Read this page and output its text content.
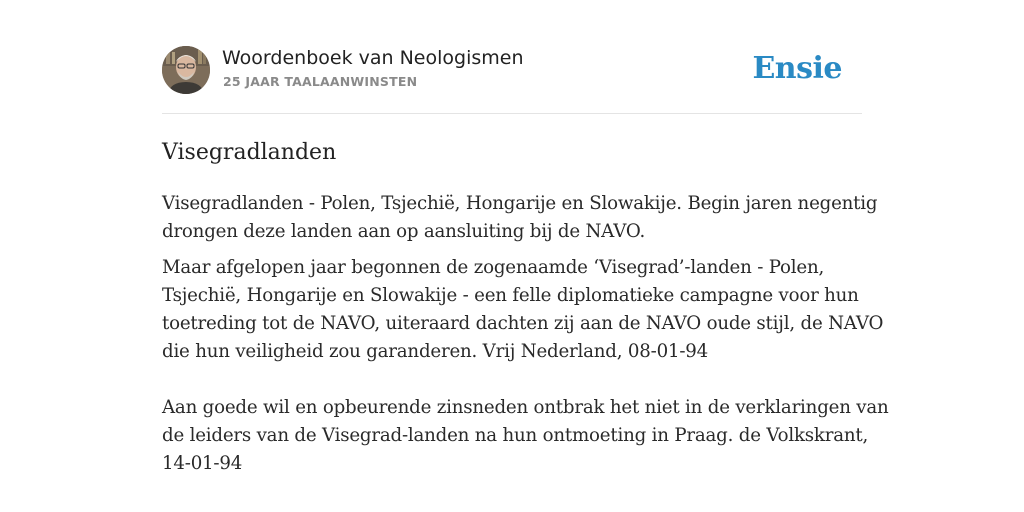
Woordenboek van Neologismen
25 JAAR TAALAANWINSTEN	Ensie
Visegradlanden

Visegradlanden - Polen, Tsjechië, Hongarije en Slowakije. Begin jaren negentig

drongen deze landen aan op aansluiting bij de NAVO.

Maar afgelopen jaar begonnen de zogenaamde ‘Visegrad’-landen - Polen,

Tsjechië, Hongarije en Slowakije - een felle diplomatieke campagne voor hun

toetreding tot de NAVO, uiteraard dachten zij aan de NAVO oude stijl, de NAVO

die hun veiligheid zou garanderen. Vrij Nederland, 08-01-94

Aan goede wil en opbeurende zinsneden ontbrak het niet in de verklaringen van

de leiders van de Visegrad-landen na hun ontmoeting in Praag. de Volkskrant,

14-01-94
